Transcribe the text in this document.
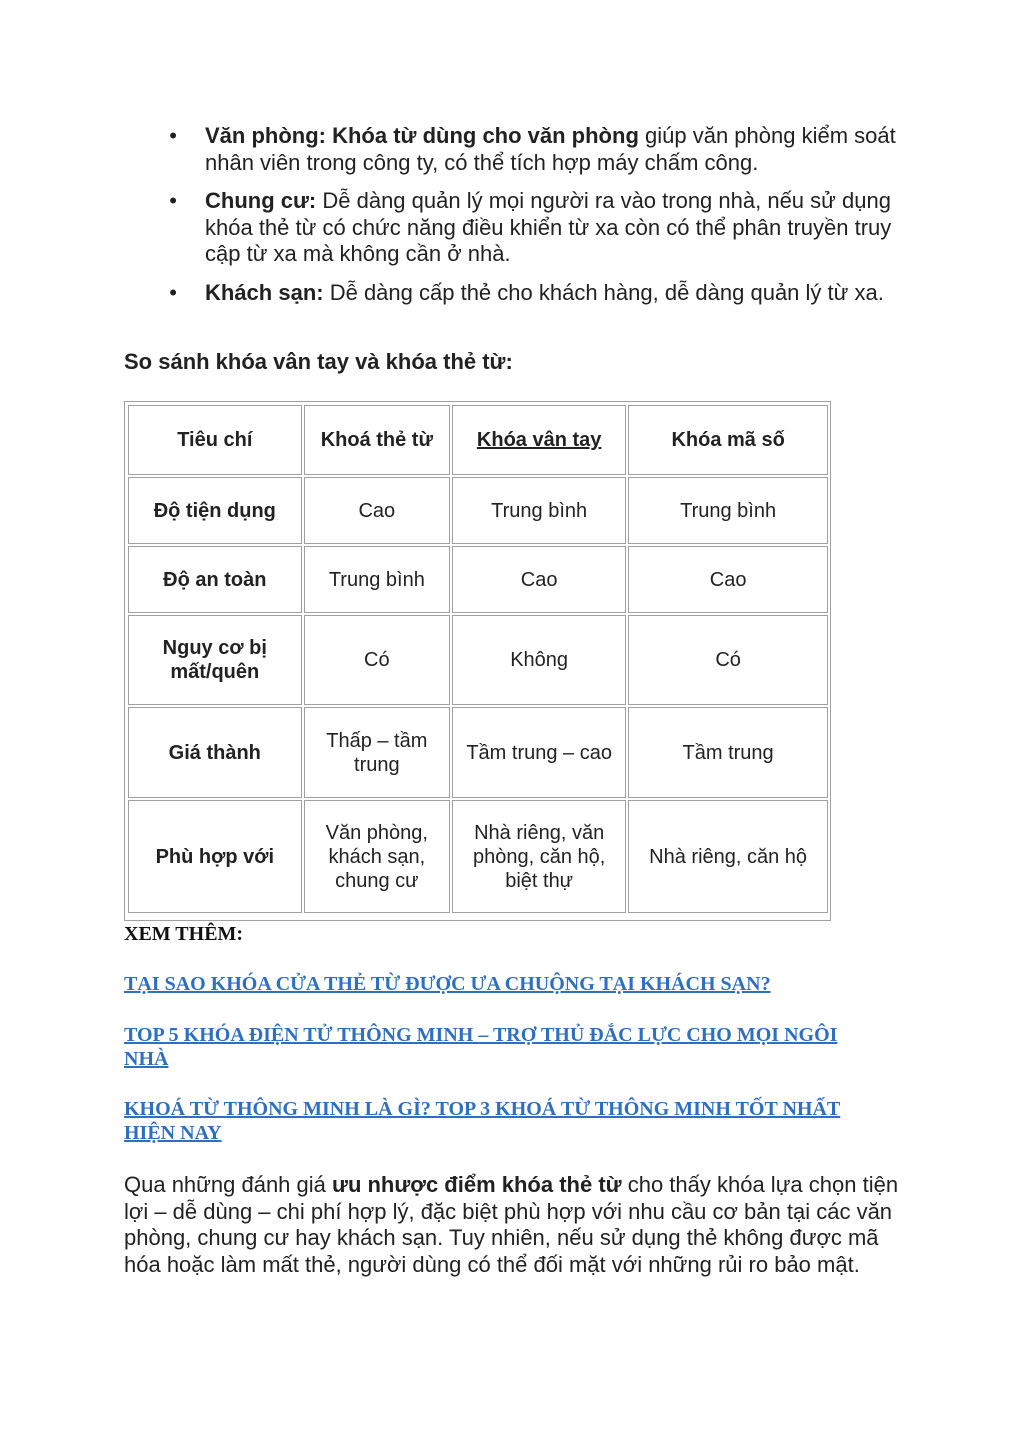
•	Văn phòng: Khóa từ dùng cho văn phòng giúp văn phòng kiểm soát nhân viên trong công ty, có thể tích hợp máy chấm công.
•	Chung cư: Dễ dàng quản lý mọi người ra vào trong nhà, nếu sử dụng khóa thẻ từ có chức năng điều khiển từ xa còn có thể phân truyền truy cập từ xa mà không cần ở nhà.
•	Khách sạn: Dễ dàng cấp thẻ cho khách hàng, dễ dàng quản lý từ xa.
So sánh khóa vân tay và khóa thẻ từ:
Tiêu chí	Khoá thẻ từ	Khóa vân tay	Khóa mã số
Độ tiện dụng	Cao	Trung bình	Trung bình
Độ an toàn	Trung bình	Cao	Cao
Nguy cơ bị mất/quên	Có	Không	Có
Giá thành	Thấp – tầm trung	Tầm trung – cao	Tầm trung
Phù hợp với	Văn phòng, khách sạn, chung cư	Nhà riêng, văn phòng, căn hộ, biệt thự	Nhà riêng, căn hộ
XEM THÊM:
TẠI SAO KHÓA CỬA THẺ TỪ ĐƯỢC ƯA CHUỘNG TẠI KHÁCH SẠN?
TOP 5 KHÓA ĐIỆN TỬ THÔNG MINH – TRỢ THỦ ĐẮC LỰC CHO MỌI NGÔI NHÀ
KHOÁ TỪ THÔNG MINH LÀ GÌ? TOP 3 KHOÁ TỪ THÔNG MINH TỐT NHẤT HIỆN NAY
Qua những đánh giá ưu nhược điểm khóa thẻ từ cho thấy khóa lựa chọn tiện lợi – dễ dùng – chi phí hợp lý, đặc biệt phù hợp với nhu cầu cơ bản tại các văn phòng, chung cư hay khách sạn. Tuy nhiên, nếu sử dụng thẻ không được mã hóa hoặc làm mất thẻ, người dùng có thể đối mặt với những rủi ro bảo mật.
